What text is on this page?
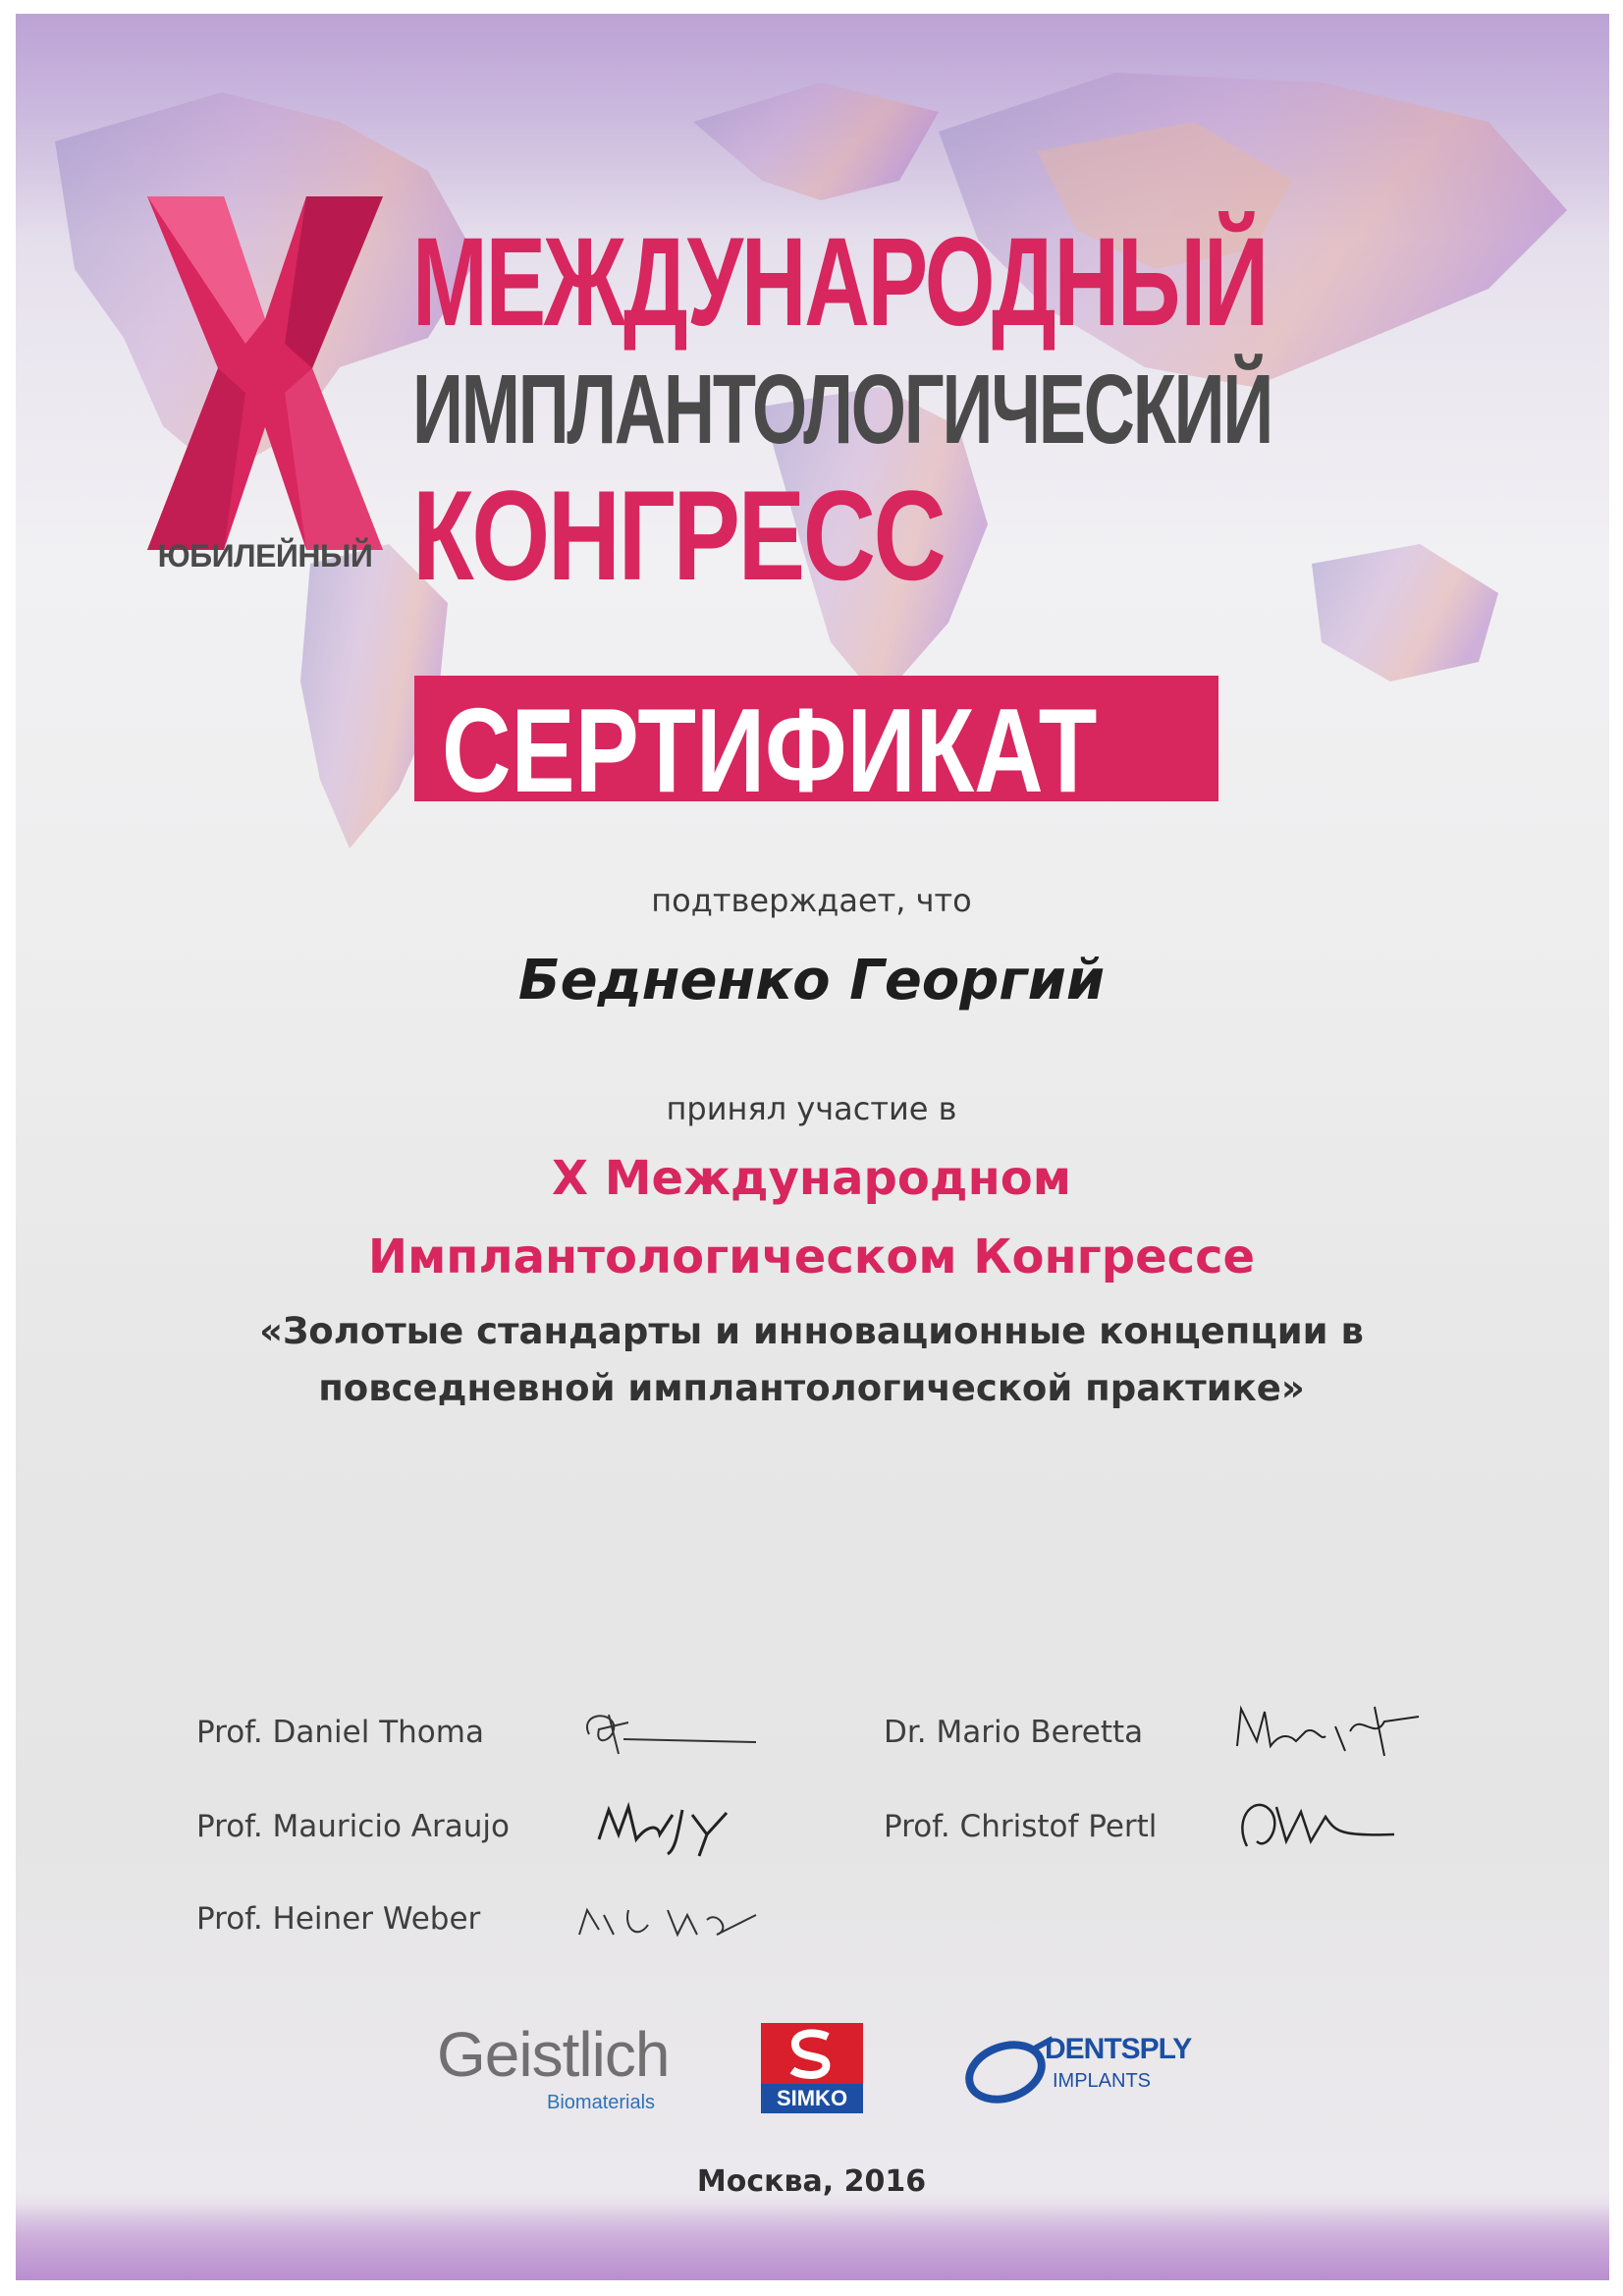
ЮБИЛЕЙНЫЙ
МЕЖДУНАРОДНЫЙ
ИМПЛАНТОЛОГИЧЕСКИЙ
КОНГРЕСС
СЕРТИФИКАТ
подтверждает, что
Бедненко Георгий
принял участие в
X Международном
Имплантологическом Конгрессе
«Золотые стандарты и инновационные концепции в
повседневной имплантологической практике»
Prof. Daniel Thoma
Prof. Mauricio Araujo
Prof. Heiner Weber
Dr. Mario Beretta
Prof. Christof Pertl
Geistlich
Biomaterials	SIMKO
DENTSPLY
IMPLANTS
Москва, 2016
